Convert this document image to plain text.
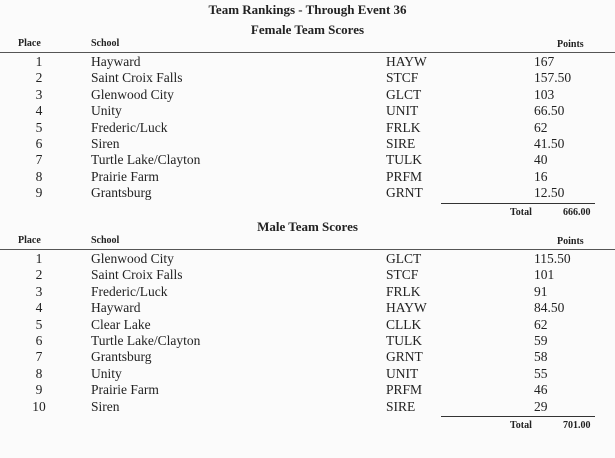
Team Rankings - Through Event 36
Female Team Scores
Place	School	Points
1	Hayward	HAYW	167
2	Saint Croix Falls	STCF	157.50
3	Glenwood City	GLCT	103
4	Unity	UNIT	66.50
5	Frederic/Luck	FRLK	62
6	Siren	SIRE	41.50
7	Turtle Lake/Clayton	TULK	40
8	Prairie Farm	PRFM	16
9	Grantsburg	GRNT	12.50
Total	666.00
Male Team Scores
Place	School	Points
1	Glenwood City	GLCT	115.50
2	Saint Croix Falls	STCF	101
3	Frederic/Luck	FRLK	91
4	Hayward	HAYW	84.50
5	Clear Lake	CLLK	62
6	Turtle Lake/Clayton	TULK	59
7	Grantsburg	GRNT	58
8	Unity	UNIT	55
9	Prairie Farm	PRFM	46
10	Siren	SIRE	29
Total	701.00
